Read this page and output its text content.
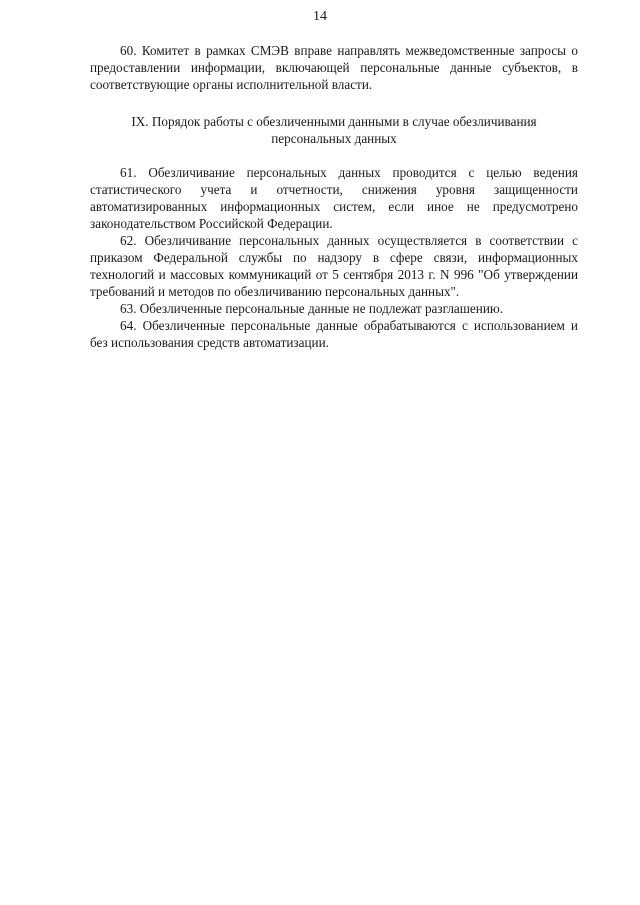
14

60. Комитет в рамках СМЭВ вправе направлять межведомственные запросы о предоставлении информации, включающей персональные данные субъектов, в соответствующие органы исполнительной власти.

IX. Порядок работы с обезличенными данными в случае обезличивания персональных данных

61. Обезличивание персональных данных проводится с целью ведения статистического учета и отчетности, снижения уровня защищенности автоматизированных информационных систем, если иное не предусмотрено законодательством Российской Федерации.

62. Обезличивание персональных данных осуществляется в соответствии с приказом Федеральной службы по надзору в сфере связи, информационных технологий и массовых коммуникаций от 5 сентября 2013 г. N 996 "Об утверждении требований и методов по обезличиванию персональных данных".

63. Обезличенные персональные данные не подлежат разглашению.

64. Обезличенные персональные данные обрабатываются с использованием и без использования средств автоматизации.
